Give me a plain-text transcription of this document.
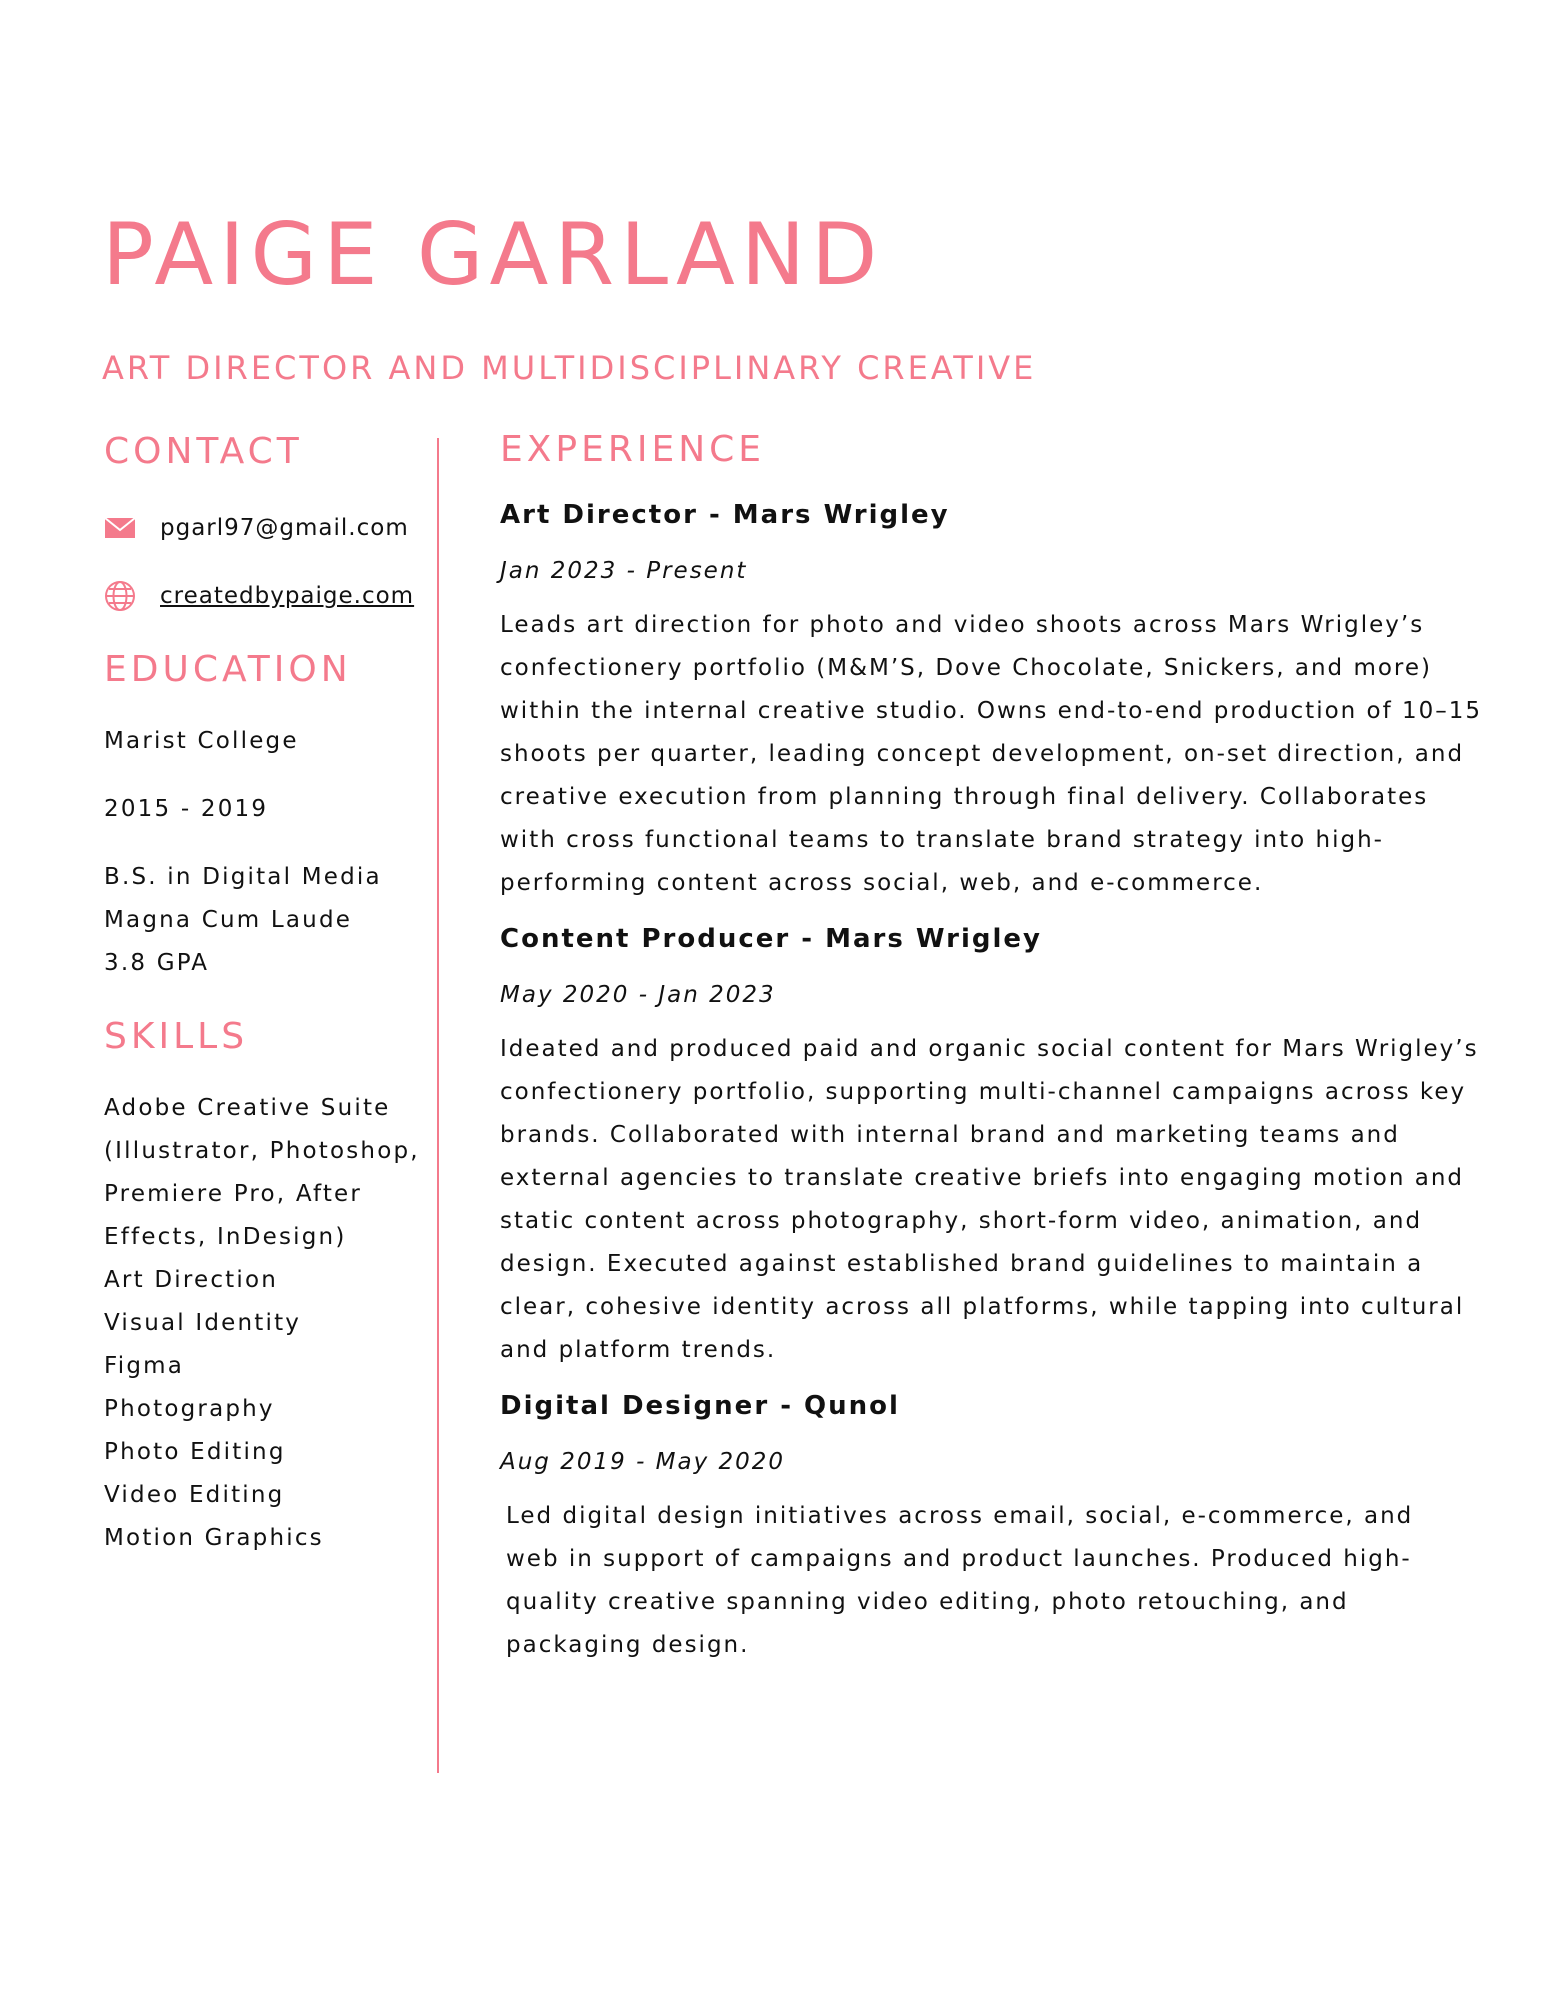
PAIGE GARLAND
ART DIRECTOR AND MULTIDISCIPLINARY CREATIVE
CONTACT
pgarl97@gmail.com
createdbypaige.com
EDUCATION

Marist College

2015 - 2019

B.S. in Digital Media

Magna Cum Laude

3.8 GPA

SKILLS
Adobe Creative Suite (Illustrator, Photoshop, Premiere Pro, After Effects, InDesign)
Art Direction
Visual Identity
Figma
Photography
Photo Editing
Video Editing
Motion Graphics
EXPERIENCE
Art Director - Mars Wrigley

Jan 2023 - Present

Leads art direction for photo and video shoots across Mars Wrigley’s confectionery portfolio (M&M’S, Dove Chocolate, Snickers, and more) within the internal creative studio. Owns end-to-end production of 10–15 shoots per quarter, leading concept development, on-set direction, and creative execution from planning through final delivery. Collaborates with cross functional teams to translate brand strategy into high-performing content across social, web, and e-commerce.

Content Producer - Mars Wrigley

May 2020 - Jan 2023

Ideated and produced paid and organic social content for Mars Wrigley’s confectionery portfolio, supporting multi-channel campaigns across key brands. Collaborated with internal brand and marketing teams and external agencies to translate creative briefs into engaging motion and static content across photography, short-form video, animation, and design. Executed against established brand guidelines to maintain a clear, cohesive identity across all platforms, while tapping into cultural and platform trends.

Digital Designer - Qunol

Aug 2019 - May 2020

Led digital design initiatives across email, social, e-commerce, and web in support of campaigns and product launches. Produced high-quality creative spanning video editing, photo retouching, and packaging design.
